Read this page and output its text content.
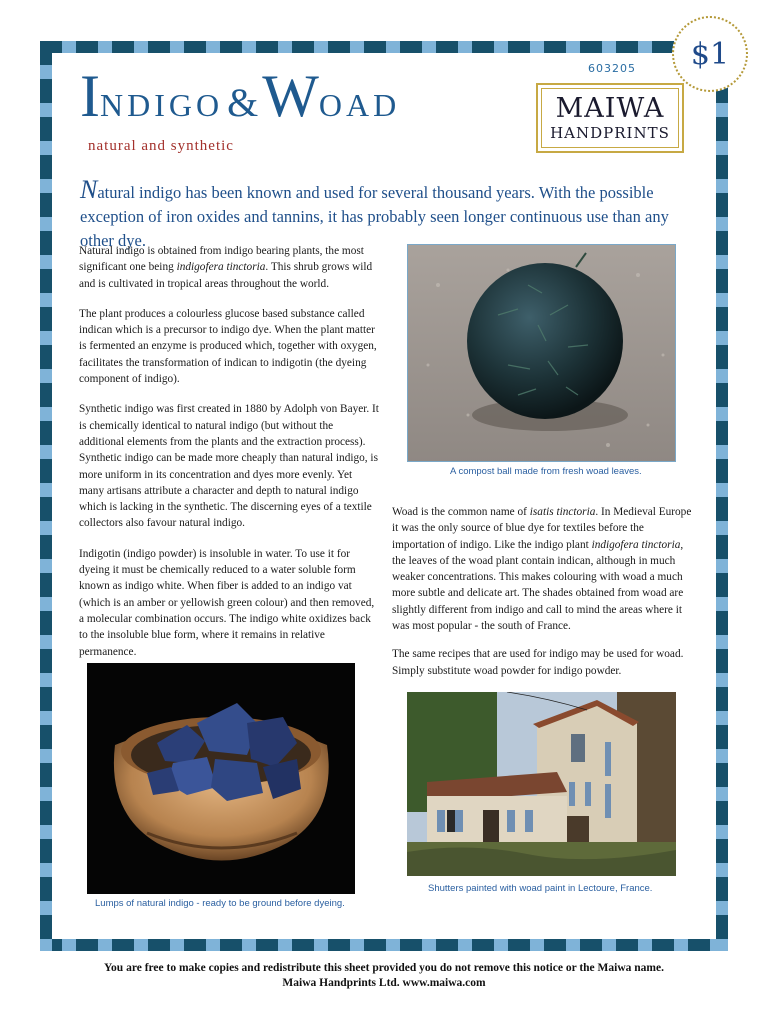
$1
603205
MAIWA
HANDPRINTS
INDIGO & WOAD
natural and synthetic
Natural indigo has been known and used for several thousand years. With the possible exception of iron oxides and tannins, it has probably seen longer continuous use than any other dye.

Natural indigo is obtained from indigo bearing plants, the most significant one being indigofera tinctoria. This shrub grows wild and is cultivated in tropical areas throughout the world.

The plant produces a colourless glucose based substance called indican which is a precursor to indigo dye. When the plant matter is fermented an enzyme is produced which, together with oxygen, facilitates the transformation of indican to indigotin (the dyeing component of indigo).

Synthetic indigo was first created in 1880 by Adolph von Bayer. It is chemically identical to natural indigo (but without the additional elements from the plants and the extraction process). Synthetic indigo can be made more cheaply than natural indigo, is more uniform in its concentration and dyes more evenly. Yet many artisans attribute a character and depth to natural indigo which is lacking in the synthetic. The discerning eyes of a textile collectors also favour natural indigo.

Indigotin (indigo powder) is insoluble in water. To use it for dyeing it must be chemically reduced to a water soluble form known as indigo white. When fiber is added to an indigo vat (which is an amber or yellowish green colour) and then removed, a molecular combination occurs. The indigo white oxidizes back to the insoluble blue form, where it remains in relative permanence.

A compost ball made from fresh woad leaves.

Woad is the common name of isatis tinctoria. In Medieval Europe it was the only source of blue dye for textiles before the importation of indigo. Like the indigo plant indigofera tinctoria, the leaves of the woad plant contain indican, although in much weaker concentrations. This makes colouring with woad a much more subtle and delicate art. The shades obtained from woad are slightly different from indigo and call to mind the areas where it was most popular - the south of France.

The same recipes that are used for indigo may be used for woad. Simply substitute woad powder for indigo powder.

Lumps of natural indigo - ready to be ground before dyeing.
Shutters painted with woad paint in Lectoure, France.
You are free to make copies and redistribute this sheet provided you do not remove this notice or the Maiwa name.
Maiwa Handprints Ltd. www.maiwa.com
